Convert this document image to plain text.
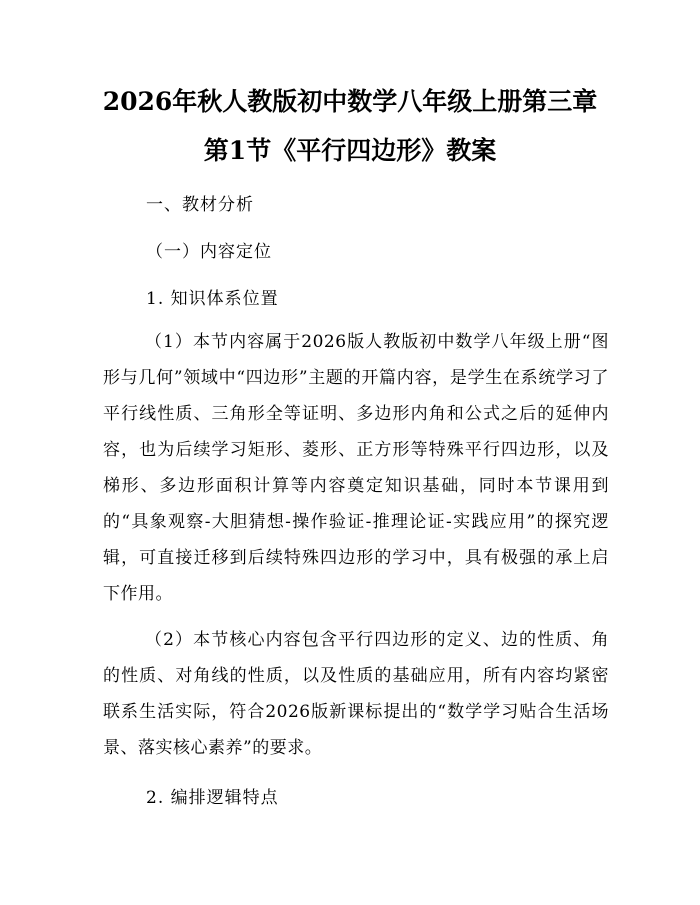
2026年秋人教版初中数学八年级上册第三章
第1节《平行四边形》教案
一、教材分析
（一）内容定位
1. 知识体系位置
（1）本节内容属于2026版人教版初中数学八年级上册“图形与几何”领域中“四边形”主题的开篇内容，是学生在系统学习了平行线性质、三角形全等证明、多边形内角和公式之后的延伸内容，也为后续学习矩形、菱形、正方形等特殊平行四边形，以及梯形、多边形面积计算等内容奠定知识基础，同时本节课用到的“具象观察-大胆猜想-操作验证-推理论证-实践应用”的探究逻辑，可直接迁移到后续特殊四边形的学习中，具有极强的承上启下作用。
（2）本节核心内容包含平行四边形的定义、边的性质、角的性质、对角线的性质，以及性质的基础应用，所有内容均紧密联系生活实际，符合2026版新课标提出的“数学学习贴合生活场景、落实核心素养”的要求。
2. 编排逻辑特点
